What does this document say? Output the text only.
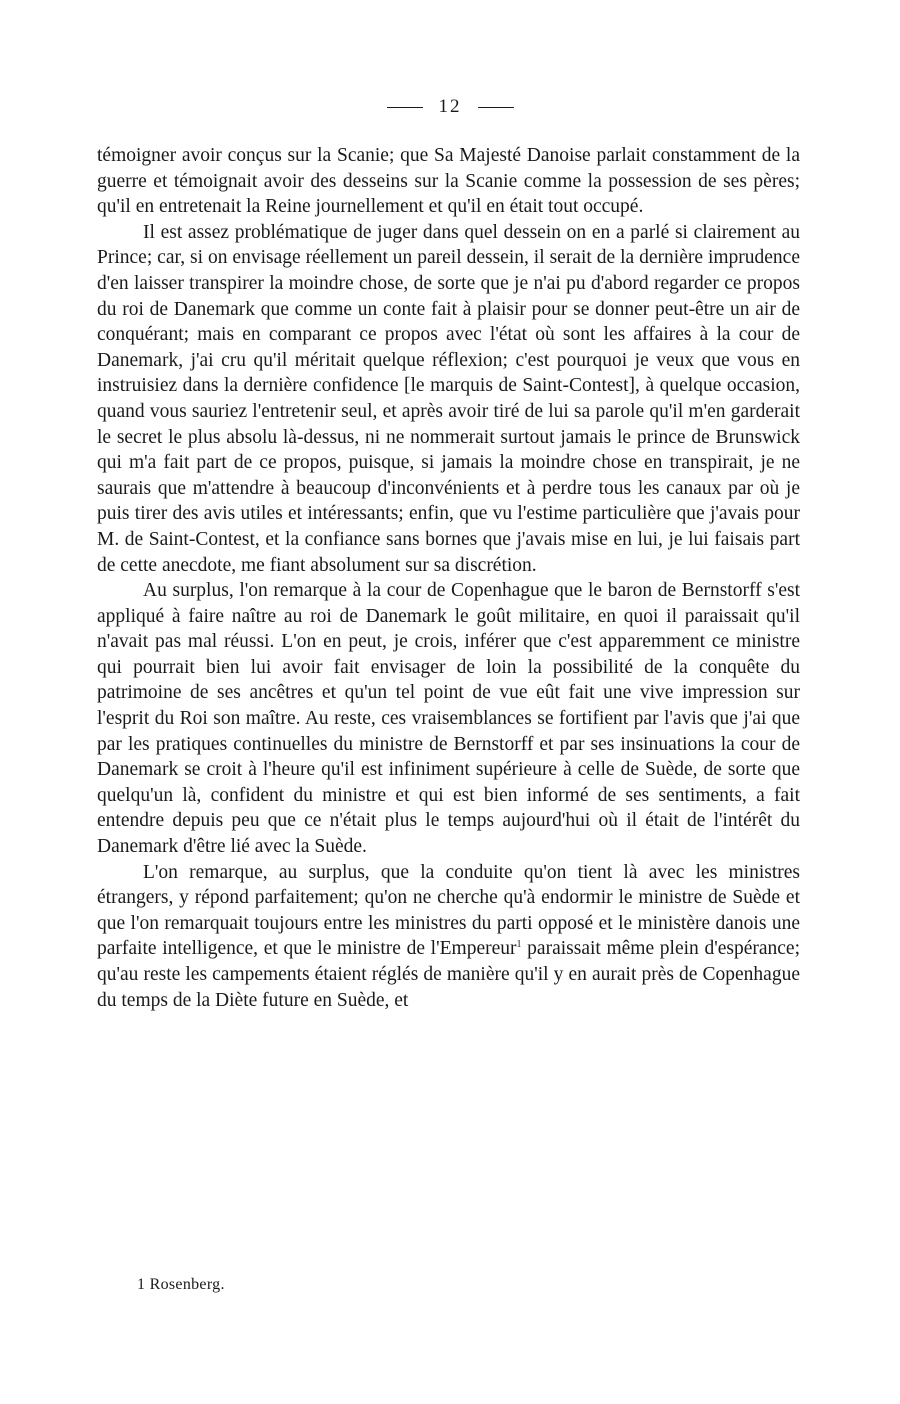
12

témoigner avoir conçus sur la Scanie; que Sa Majesté Danoise parlait constamment de la guerre et témoignait avoir des desseins sur la Scanie comme la possession de ses pères; qu'il en entretenait la Reine journellement et qu'il en était tout occupé.

Il est assez problématique de juger dans quel dessein on en a parlé si clairement au Prince; car, si on envisage réellement un pareil dessein, il serait de la dernière imprudence d'en laisser transpirer la moindre chose, de sorte que je n'ai pu d'abord regarder ce propos du roi de Danemark que comme un conte fait à plaisir pour se donner peut-être un air de conquérant; mais en comparant ce propos avec l'état où sont les affaires à la cour de Danemark, j'ai cru qu'il méritait quelque réflexion; c'est pourquoi je veux que vous en instruisiez dans la dernière confidence [le marquis de Saint-Contest], à quelque occasion, quand vous sauriez l'entretenir seul, et après avoir tiré de lui sa parole qu'il m'en garderait le secret le plus absolu là-dessus, ni ne nommerait surtout jamais le prince de Brunswick qui m'a fait part de ce propos, puisque, si jamais la moindre chose en transpirait, je ne saurais que m'attendre à beaucoup d'inconvénients et à perdre tous les canaux par où je puis tirer des avis utiles et intéressants; enfin, que vu l'estime particulière que j'avais pour M. de Saint-Contest, et la confiance sans bornes que j'avais mise en lui, je lui faisais part de cette anecdote, me fiant absolument sur sa discrétion.

Au surplus, l'on remarque à la cour de Copenhague que le baron de Bernstorff s'est appliqué à faire naître au roi de Danemark le goût militaire, en quoi il paraissait qu'il n'avait pas mal réussi. L'on en peut, je crois, inférer que c'est apparemment ce ministre qui pourrait bien lui avoir fait envisager de loin la possibilité de la conquête du patrimoine de ses ancêtres et qu'un tel point de vue eût fait une vive impression sur l'esprit du Roi son maître. Au reste, ces vraisemblances se fortifient par l'avis que j'ai que par les pratiques continuelles du ministre de Bernstorff et par ses insinuations la cour de Danemark se croit à l'heure qu'il est infiniment supérieure à celle de Suède, de sorte que quelqu'un là, confident du ministre et qui est bien informé de ses sentiments, a fait entendre depuis peu que ce n'était plus le temps aujourd'hui où il était de l'intérêt du Danemark d'être lié avec la Suède.

L'on remarque, au surplus, que la conduite qu'on tient là avec les ministres étrangers, y répond parfaitement; qu'on ne cherche qu'à endormir le ministre de Suède et que l'on remarquait toujours entre les ministres du parti opposé et le ministère danois une parfaite intelligence, et que le ministre de l'Empereur$^1$ paraissait même plein d'espérance; qu'au reste les campements étaient réglés de manière qu'il y en aurait près de Copenhague du temps de la Diète future en Suède, et

1 Rosenberg.
